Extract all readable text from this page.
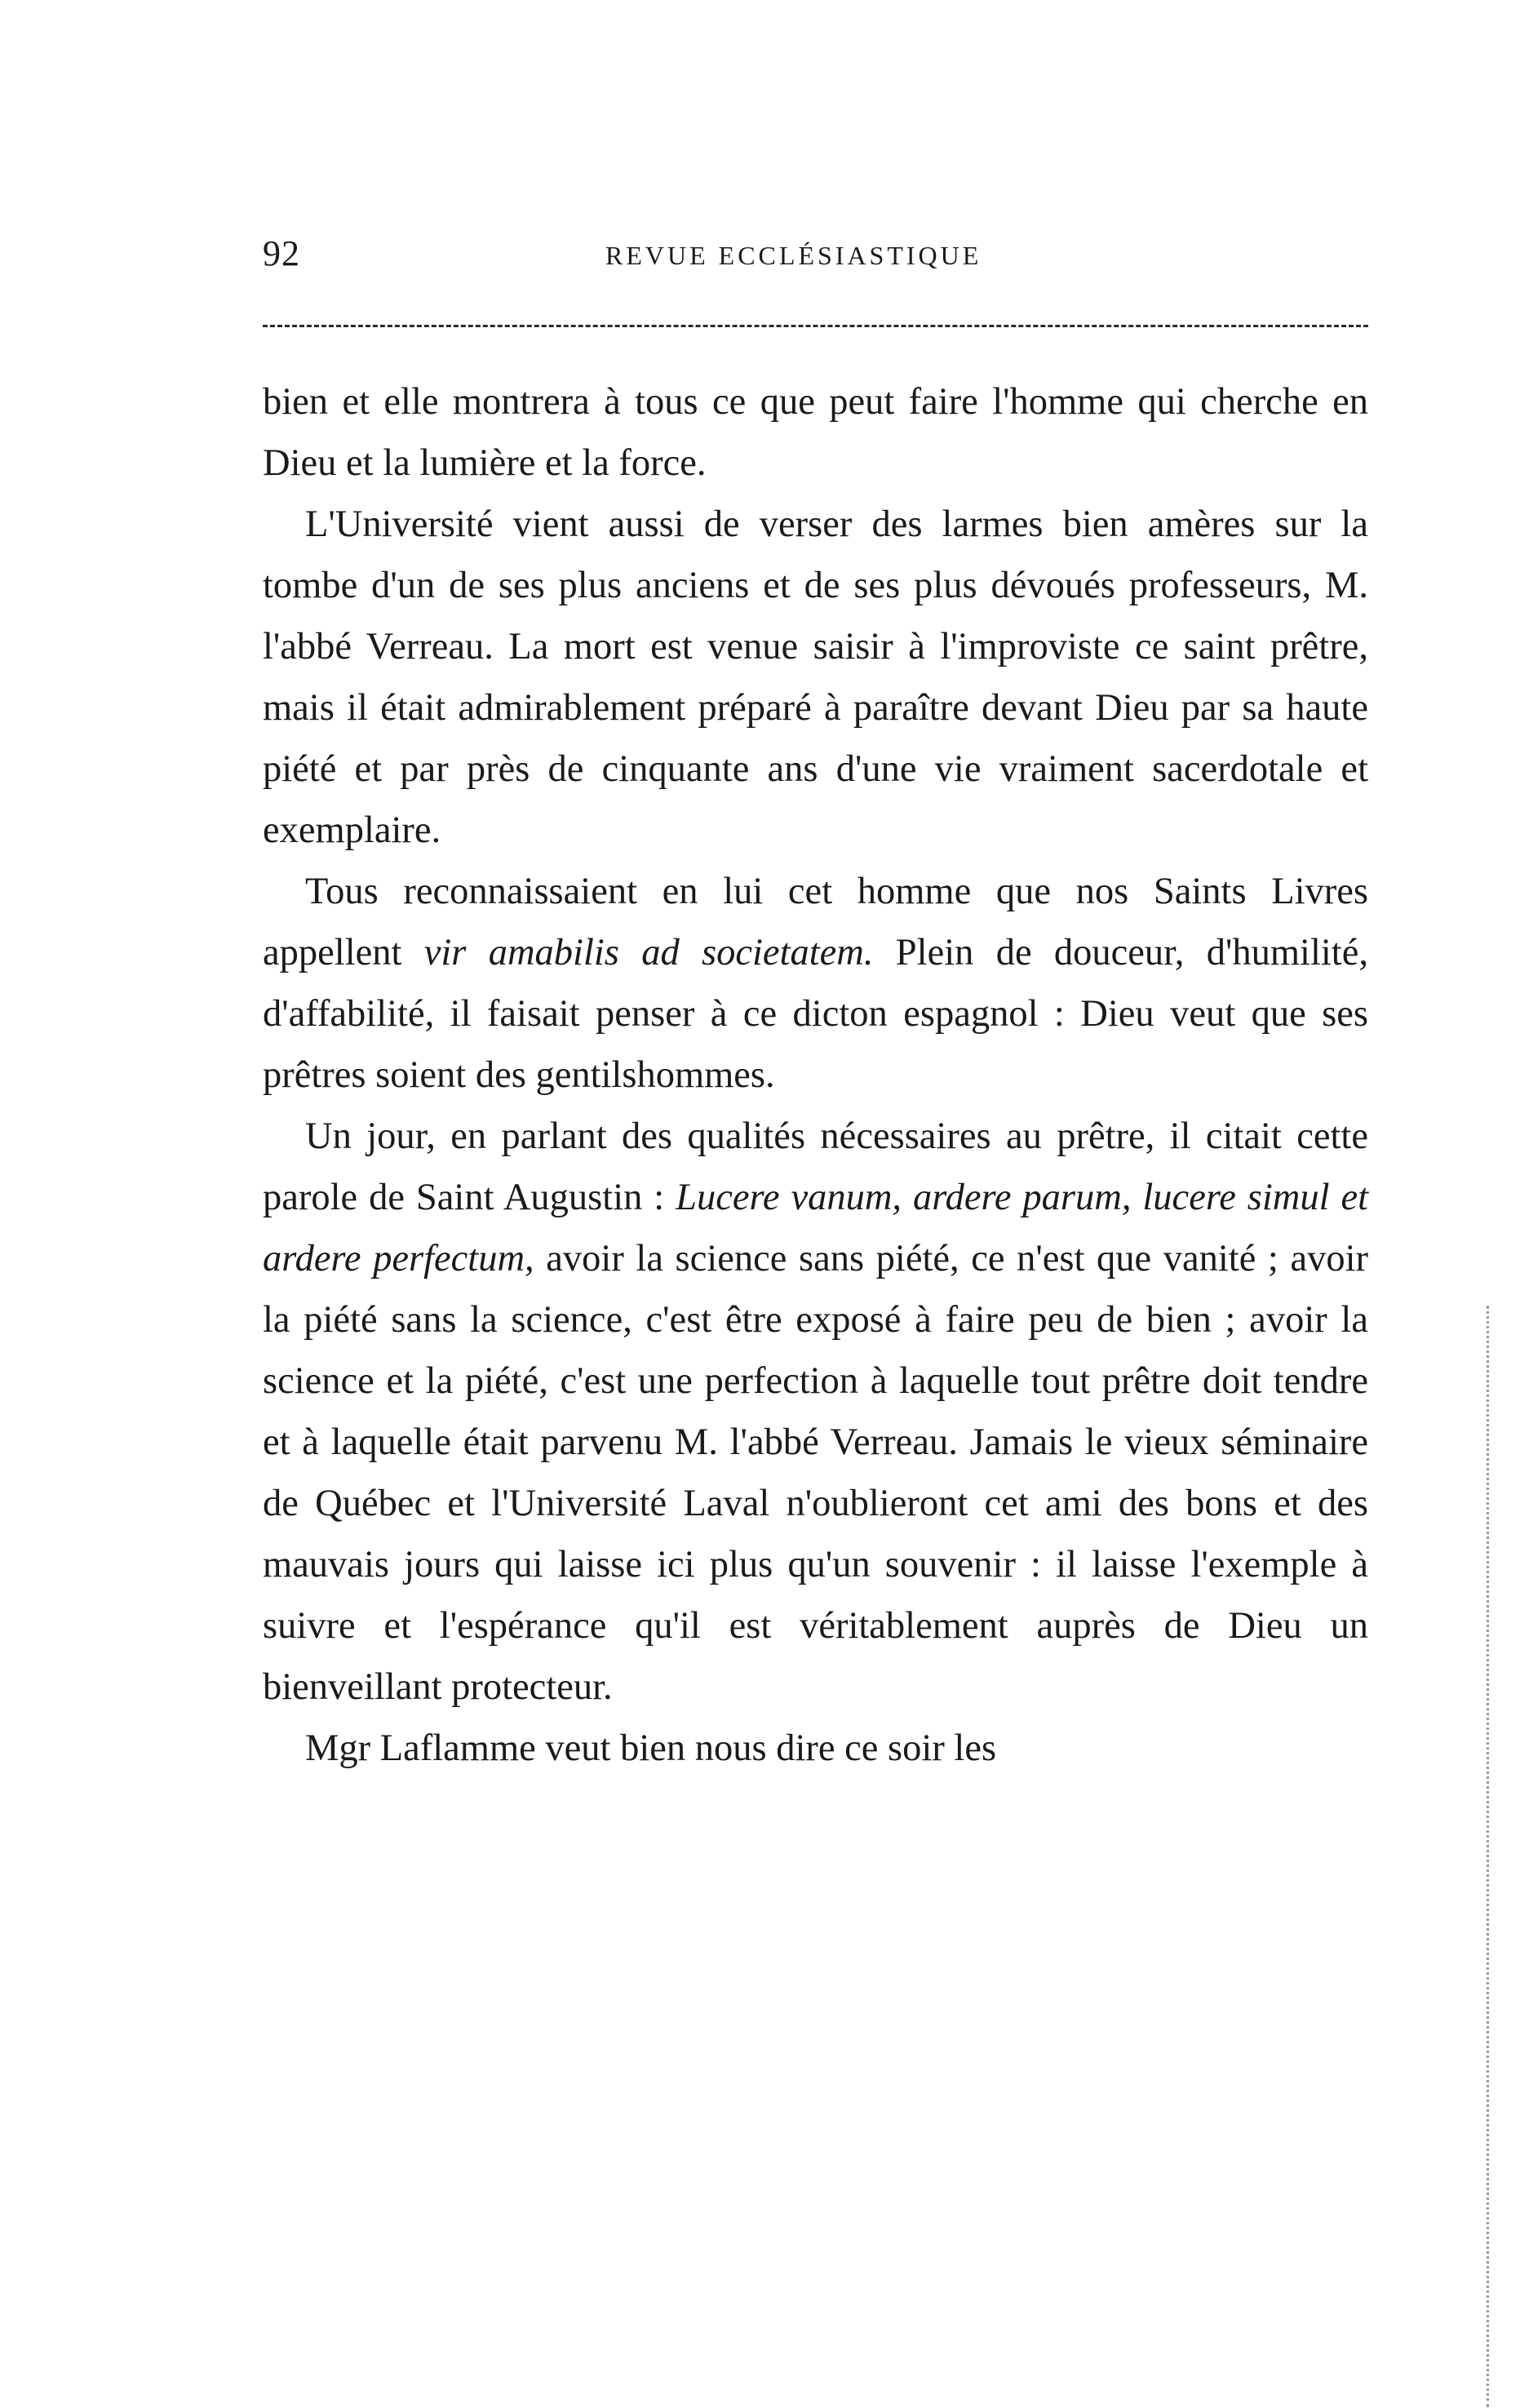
92	REVUE ECCLÉSIASTIQUE

bien et elle montrera à tous ce que peut faire l'homme qui cherche en Dieu et la lumière et la force.

L'Université vient aussi de verser des larmes bien amères sur la tombe d'un de ses plus anciens et de ses plus dévoués professeurs, M. l'abbé Verreau. La mort est venue saisir à l'improviste ce saint prêtre, mais il était admirablement préparé à paraître devant Dieu par sa haute piété et par près de cinquante ans d'une vie vraiment sacerdotale et exemplaire.

Tous reconnaissaient en lui cet homme que nos Saints Livres appellent vir amabilis ad societatem. Plein de douceur, d'humilité, d'affabilité, il faisait penser à ce dicton espagnol : Dieu veut que ses prêtres soient des gentilshommes.

Un jour, en parlant des qualités nécessaires au prêtre, il citait cette parole de Saint Augustin : Lucere vanum, ardere parum, lucere simul et ardere perfectum, avoir la science sans piété, ce n'est que vanité ; avoir la piété sans la science, c'est être exposé à faire peu de bien ; avoir la science et la piété, c'est une perfection à laquelle tout prêtre doit tendre et à laquelle était parvenu M. l'abbé Verreau. Jamais le vieux séminaire de Québec et l'Université Laval n'oublieront cet ami des bons et des mauvais jours qui laisse ici plus qu'un souvenir : il laisse l'exemple à suivre et l'espérance qu'il est véritablement auprès de Dieu un bienveillant protecteur.

Mgr Laflamme veut bien nous dire ce soir les
